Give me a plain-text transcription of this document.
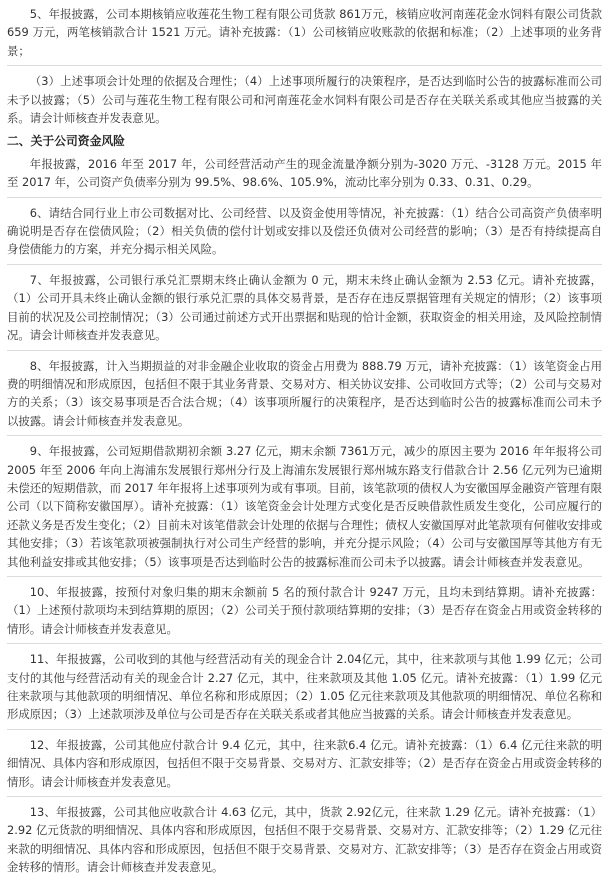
5、年报披露，公司本期核销应收莲花生物工程有限公司货款 861万元，核销应收河南莲花金水饲料有限公司货款 659 万元，两笔核销款合计 1521 万元。请补充披露：（1）公司核销应收账款的依据和标准；（2）上述事项的业务背景；

（3）上述事项会计处理的依据及合理性；（4）上述事项所履行的决策程序，是否达到临时公告的披露标准而公司未予以披露；（5）公司与莲花生物工程有限公司和河南莲花金水饲料有限公司是否存在关联关系或其他应当披露的关系。请会计师核查并发表意见。

二、关于公司资金风险

年报披露，2016 年至 2017 年，公司经营活动产生的现金流量净额分别为-3020 万元、-3128 万元。2015 年至 2017 年，公司资产负债率分别为 99.5%、98.6%、105.9%，流动比率分别为 0.33、0.31、0.29。

6、请结合同行业上市公司数据对比、公司经营、以及资金使用等情况，补充披露：（1）结合公司高资产负债率明确说明是否存在偿债风险；（2）相关负债的偿付计划或安排以及偿还负债对公司经营的影响；（3）是否有持续提高自身偿债能力的方案，并充分揭示相关风险。

7、年报披露，公司银行承兑汇票期末终止确认金额为 0 元，期末未终止确认金额为 2.53 亿元。请补充披露，（1）公司开具未终止确认金额的银行承兑汇票的具体交易背景，是否存在违反票据管理有关规定的情形；（2）该事项目前的状况及公司控制情况；（3）公司通过前述方式开出票据和贴现的恰计金额，获取资金的相关用途，及风险控制情况。请会计师核查并发表意见。

8、年报披露，计入当期损益的对非金融企业收取的资金占用费为 888.79 万元，请补充披露：（1）该笔资金占用费的明细情况和形成原因，包括但不限于其业务背景、交易对方、相关协议安排、公司收回方式等；（2）公司与交易对方的关系；（3）该交易事项是否合法合规；（4）该事项所履行的决策程序，是否达到临时公告的披露标准而公司未予以披露。请会计师核查并发表意见。

9、年报披露，公司短期借款期初余额 3.27 亿元，期末余额 7361万元，减少的原因主要为 2016 年年报将公司 2005 年至 2006 年向上海浦东发展银行郑州分行及上海浦东发展银行郑州城东路支行借款合计 2.56 亿元列为已逾期未偿还的短期借款，而 2017 年年报将上述事项列为或有事项。目前，该笔款项的债权人为安徽国厚金融资产管理有限公司（以下简称安徽国厚）。请补充披露：（1）该笔资金会计处理方式变化是否反映借款性质发生变化，公司应履行的还款义务是否发生变化；（2）目前未对该笔借款会计处理的依据与合理性；债权人安徽国厚对此笔款项有何催收安排或其他安排；（3）若该笔款项被强制执行对公司生产经营的影响，并充分提示风险；（4）公司与安徽国厚等其他方有无其他利益安排或其他安排；（5）该事项是否达到临时公告的披露标准而公司未予以披露。请会计师核查并发表意见。

10、年报披露，按预付对象归集的期末余额前 5 名的预付款合计 9247 万元，且均未到结算期。请补充披露：（1）上述预付款项均未到结算期的原因；（2）公司关于预付款项结算期的安排；（3）是否存在资金占用或资金转移的情形。请会计师核查并发表意见。

11、年报披露，公司收到的其他与经营活动有关的现金合计 2.04亿元，其中，往来款项与其他 1.99 亿元；公司支付的其他与经营活动有关的现金合计 2.27 亿元，其中，往来款项及其他 1.05 亿元。请补充披露：（1）1.99 亿元往来款项与其他款项的明细情况、单位名称和形成原因；（2）1.05 亿元往来款项及其他款项的明细情况、单位名称和形成原因；（3）上述款项涉及单位与公司是否存在关联关系或者其他应当披露的关系。请会计师核查并发表意见。

12、年报披露，公司其他应付款合计 9.4 亿元，其中，往来款6.4 亿元。请补充披露：（1）6.4 亿元往来款的明细情况、具体内容和形成原因，包括但不限于交易背景、交易对方、汇款安排等；（2）是否存在资金占用或资金转移的情形。请会计师核查并发表意见。

13、年报披露，公司其他应收款合计 4.63 亿元，其中，货款 2.92亿元，往来款 1.29 亿元。请补充披露：（1）2.92 亿元货款的明细情况、具体内容和形成原因，包括但不限于交易背景、交易对方、汇款安排等；（2）1.29 亿元往来款的明细情况、具体内容和形成原因，包括但不限于交易背景、交易对方、汇款安排等；（3）是否存在资金占用或资金转移的情形。请会计师核查并发表意见。
